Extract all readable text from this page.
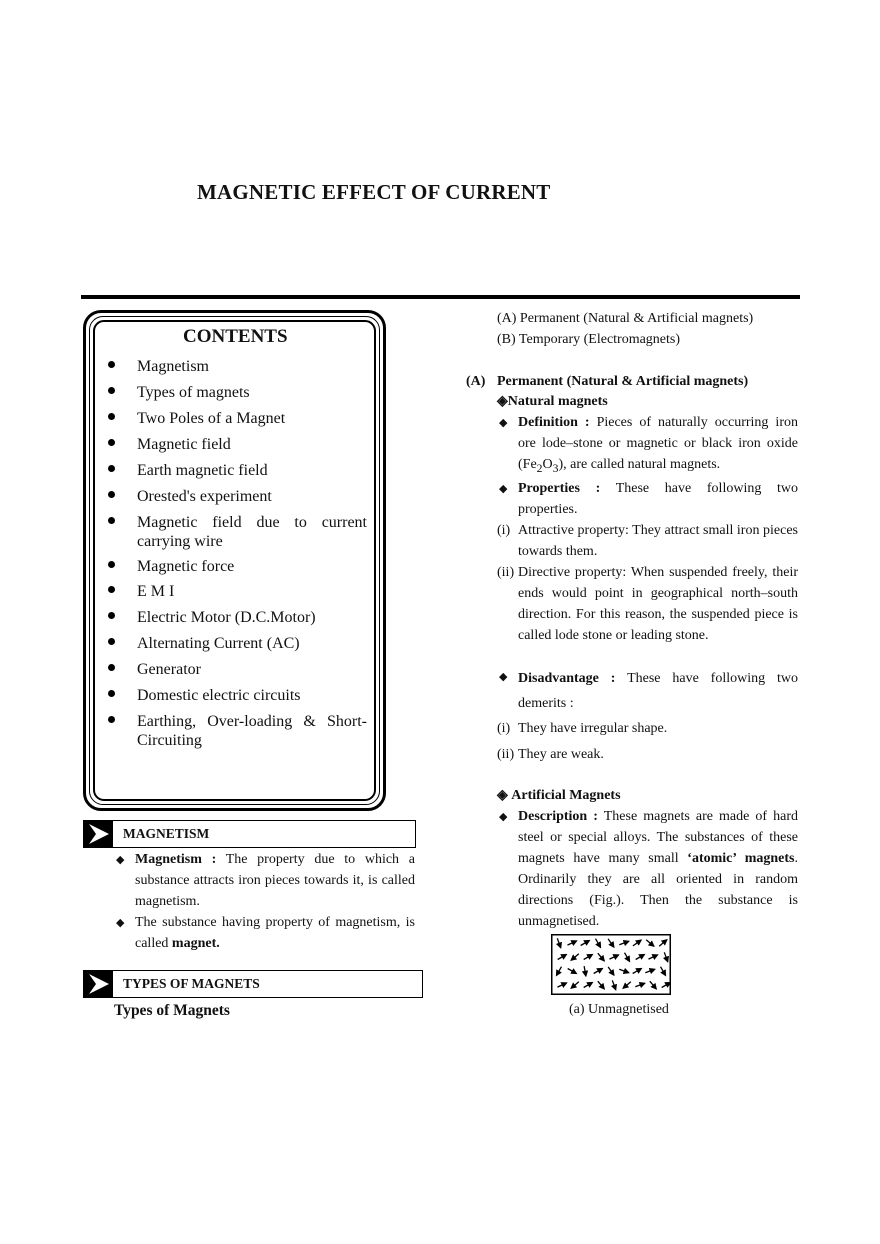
MAGNETIC EFFECT OF CURRENT
CONTENTS
Magnetism
Types of magnets
Two Poles of a Magnet
Magnetic field
Earth magnetic field
Orested's experiment
Magnetic field due to current carrying wire
Magnetic force
E M I
Electric Motor (D.C.Motor)
Alternating Current (AC)
Generator
Domestic electric circuits
Earthing, Over-loading & Short-Circuiting
MAGNETISM
◆ Magnetism : The property due to which a substance attracts iron pieces towards it, is called magnetism.
◆ The substance having property of magnetism, is called magnet.
TYPES OF MAGNETS
Types of Magnets
(A) Permanent (Natural & Artificial magnets)
(B) Temporary (Electromagnets)
(A) Permanent (Natural & Artificial magnets)
◈Natural magnets
◆ Definition : Pieces of naturally occurring iron ore lode–stone or magnetic or black iron oxide $(Fe_2O_3)$, are called natural magnets.
◆ Properties : These have following two properties.
(i) Attractive property: They attract small iron pieces towards them.
(ii) Directive property: When suspended freely, their ends would point in geographical north–south direction. For this reason, the suspended piece is called lode stone or leading stone.
◆ Disadvantage : These have following two demerits :
(i) They have irregular shape.
(ii) They are weak.
◈ Artificial Magnets
◆ Description : These magnets are made of hard steel or special alloys. The substances of these magnets have many small ‘atomic’ magnets. Ordinarily they are all oriented in random directions (Fig.). Then the substance is unmagnetised.
(a) Unmagnetised
